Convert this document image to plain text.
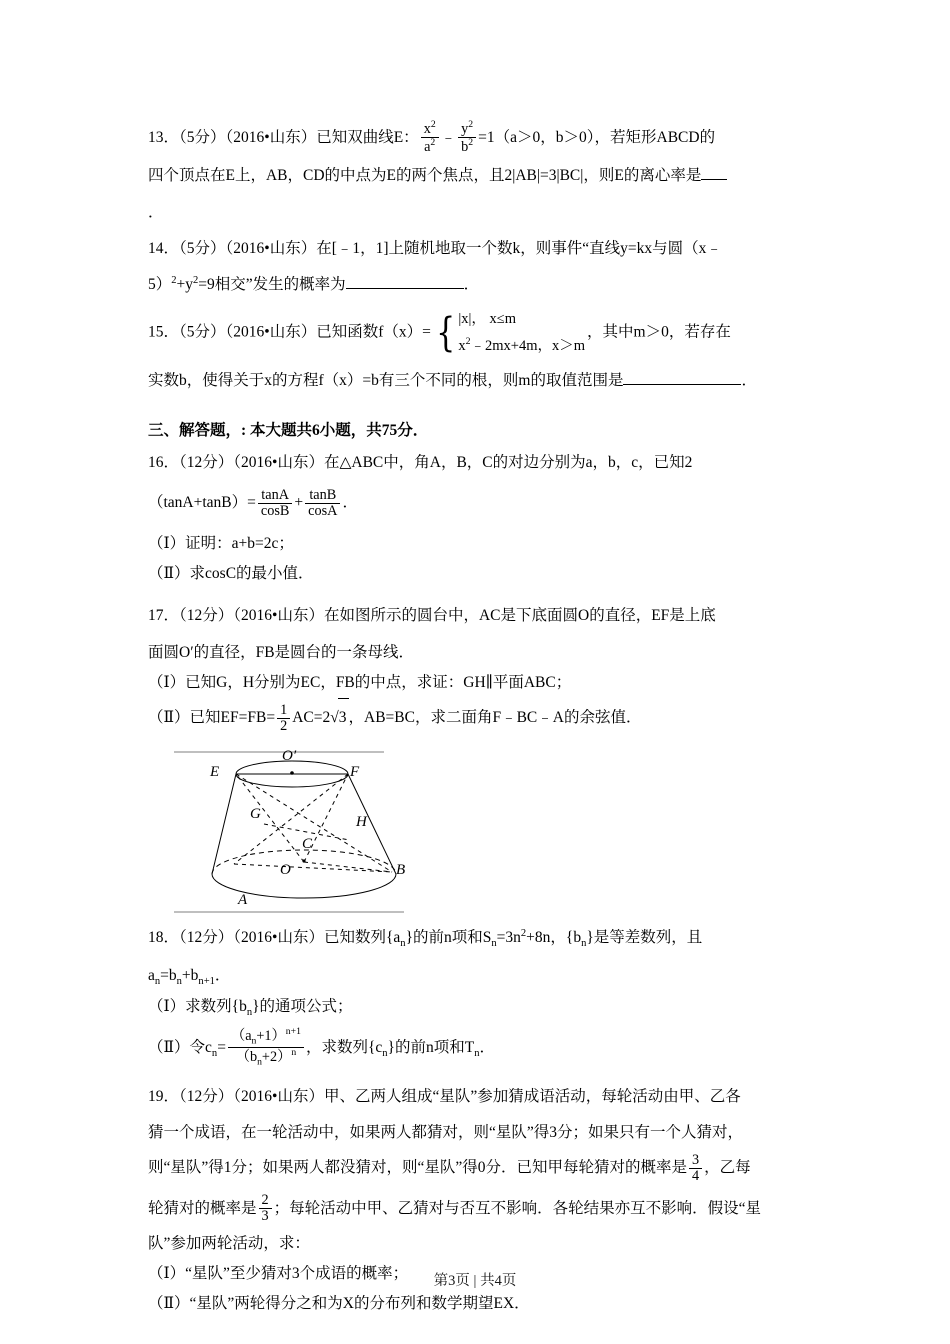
13．（5分）（2016•山东）已知双曲线E： $\frac{x^2}{a^2}$ ﹣ $\frac{y^2}{b^2} =1(a>0$，b＞0），若矩形ABCD的
四个顶点在E上，AB，CD的中点为E的两个焦点，且2|AB|=3|BC|，则E的离心率是
．
14．（5分）（2016•山东）在[﹣1，1]上随机地取一个数k，则事件“直线y=kx与圆（x﹣
$5)^2+y^2=9$相交”发生的概率为	．
15．（5分）（2016•山东）已知函数f（x）= { |x|， x≤m
$x^2﹣2mx+4m$，x＞m，其中m＞0，若存在
实数b，使得关于x的方程f（x）=b有三个不同的根，则m的取值范围是	．
三、解答题，: 本大题共6小题，共75分．
16．（12分）（2016•山东）在△ABC中，角A，B，C的对边分别为a，b，c，已知2
$(\tan A+\tan B)= \frac{\tan A}{\cos B} + \frac{\tan B}{\cos A}$ ．
（Ⅰ）证明：a+b=2c；
（Ⅱ）求cosC的最小值．
17．（12分）（2016•山东）在如图所示的圆台中，AC是下底面圆O的直径，EF是上底
面圆O′的直径，FB是圆台的一条母线．
（Ⅰ）已知G，H分别为EC，FB的中点，求证：GH∥平面ABC；
（Ⅱ）已知$EF=FB= \frac{1}{2} AC=2√3$ ，AB=BC，求二面角F﹣BC﹣A的余弦值．
E
O′
F
G	H
C
O	B
A
18．（12分）（2016•山东）已知数列$\{a_n\}$的前n项和$S_n=3n^2+8n$，$\{b_n\}$是等差数列，且
$a_n=b_n+b_{n+1}$．
（Ⅰ）求数列$\{b_n\}$的通项公式；
（Ⅱ）令$c_n= \frac{(a_n+1)^{n+1}}{(b_n+2)^n}$ ，求数列$\{c_n\}$的前n项和$T_n$．
19．（12分）（2016•山东）甲、乙两人组成“星队”参加猜成语活动，每轮活动由甲、乙各
猜一个成语，在一轮活动中，如果两人都猜对，则“星队”得3分；如果只有一个人猜对，
则“星队”得1分；如果两人都没猜对，则“星队”得0分．已知甲每轮猜对的概率是 $\frac{3}{4}$ ，乙每
轮猜对的概率是 $\frac{2}{3}$ ；每轮活动中甲、乙猜对与否互不影响．各轮结果亦互不影响．假设“星
队”参加两轮活动，求：
（Ⅰ）“星队”至少猜对3个成语的概率；
（Ⅱ）“星队”两轮得分之和为X的分布列和数学期望EX．
第3页 | 共4页
